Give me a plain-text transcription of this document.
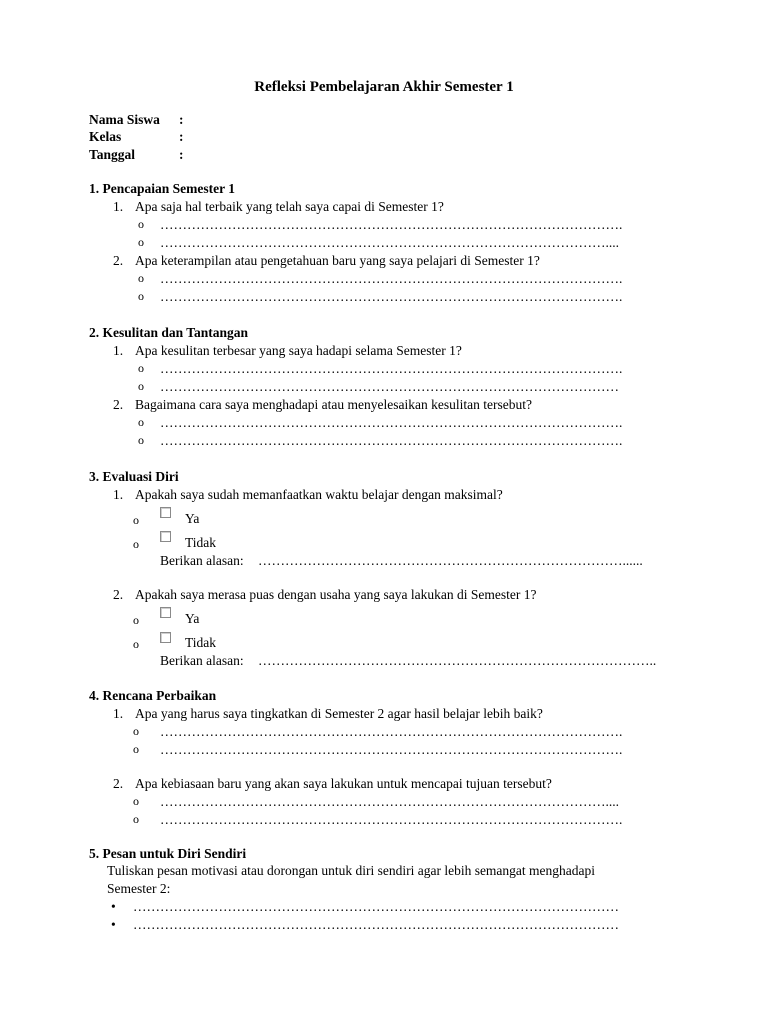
Refleksi Pembelajaran Akhir Semester 1
Nama Siswa :
Kelas	:
Tanggal	:
1. Pencapaian Semester 1
1. Apa saja hal terbaik yang telah saya capai di Semester 1?
o ………………………………………………………………………………………….
o ………………………………………………………………………………………....
2. Apa keterampilan atau pengetahuan baru yang saya pelajari di Semester 1?
o ………………………………………………………………………………………….
o ………………………………………………………………………………………….
2. Kesulitan dan Tantangan
1. Apa kesulitan terbesar yang saya hadapi selama Semester 1?
o ………………………………………………………………………………………….
o …………………………………………………………………………………………
2. Bagaimana cara saya menghadapi atau menyelesaikan kesulitan tersebut?
o ………………………………………………………………………………………….
o ………………………………………………………………………………………….
3. Evaluasi Diri
1. Apakah saya sudah memanfaatkan waktu belajar dengan maksimal?
o	Ya
o	Tidak
Berikan alasan: ………………………………………………………………………......
2. Apakah saya merasa puas dengan usaha yang saya lakukan di Semester 1?
o	Ya
o	Tidak
Berikan alasan: ……………………………………………………………………………..
4. Rencana Perbaikan
1. Apa yang harus saya tingkatkan di Semester 2 agar hasil belajar lebih baik?
o ………………………………………………………………………………………….
o ………………………………………………………………………………………….
2. Apa kebiasaan baru yang akan saya lakukan untuk mencapai tujuan tersebut?
o ………………………………………………………………………………………....
o ………………………………………………………………………………………….
5. Pesan untuk Diri Sendiri
Tuliskan pesan motivasi atau dorongan untuk diri sendiri agar lebih semangat menghadapi
Semester 2:
• ………………………………………………………………………………………………
• ………………………………………………………………………………………………
